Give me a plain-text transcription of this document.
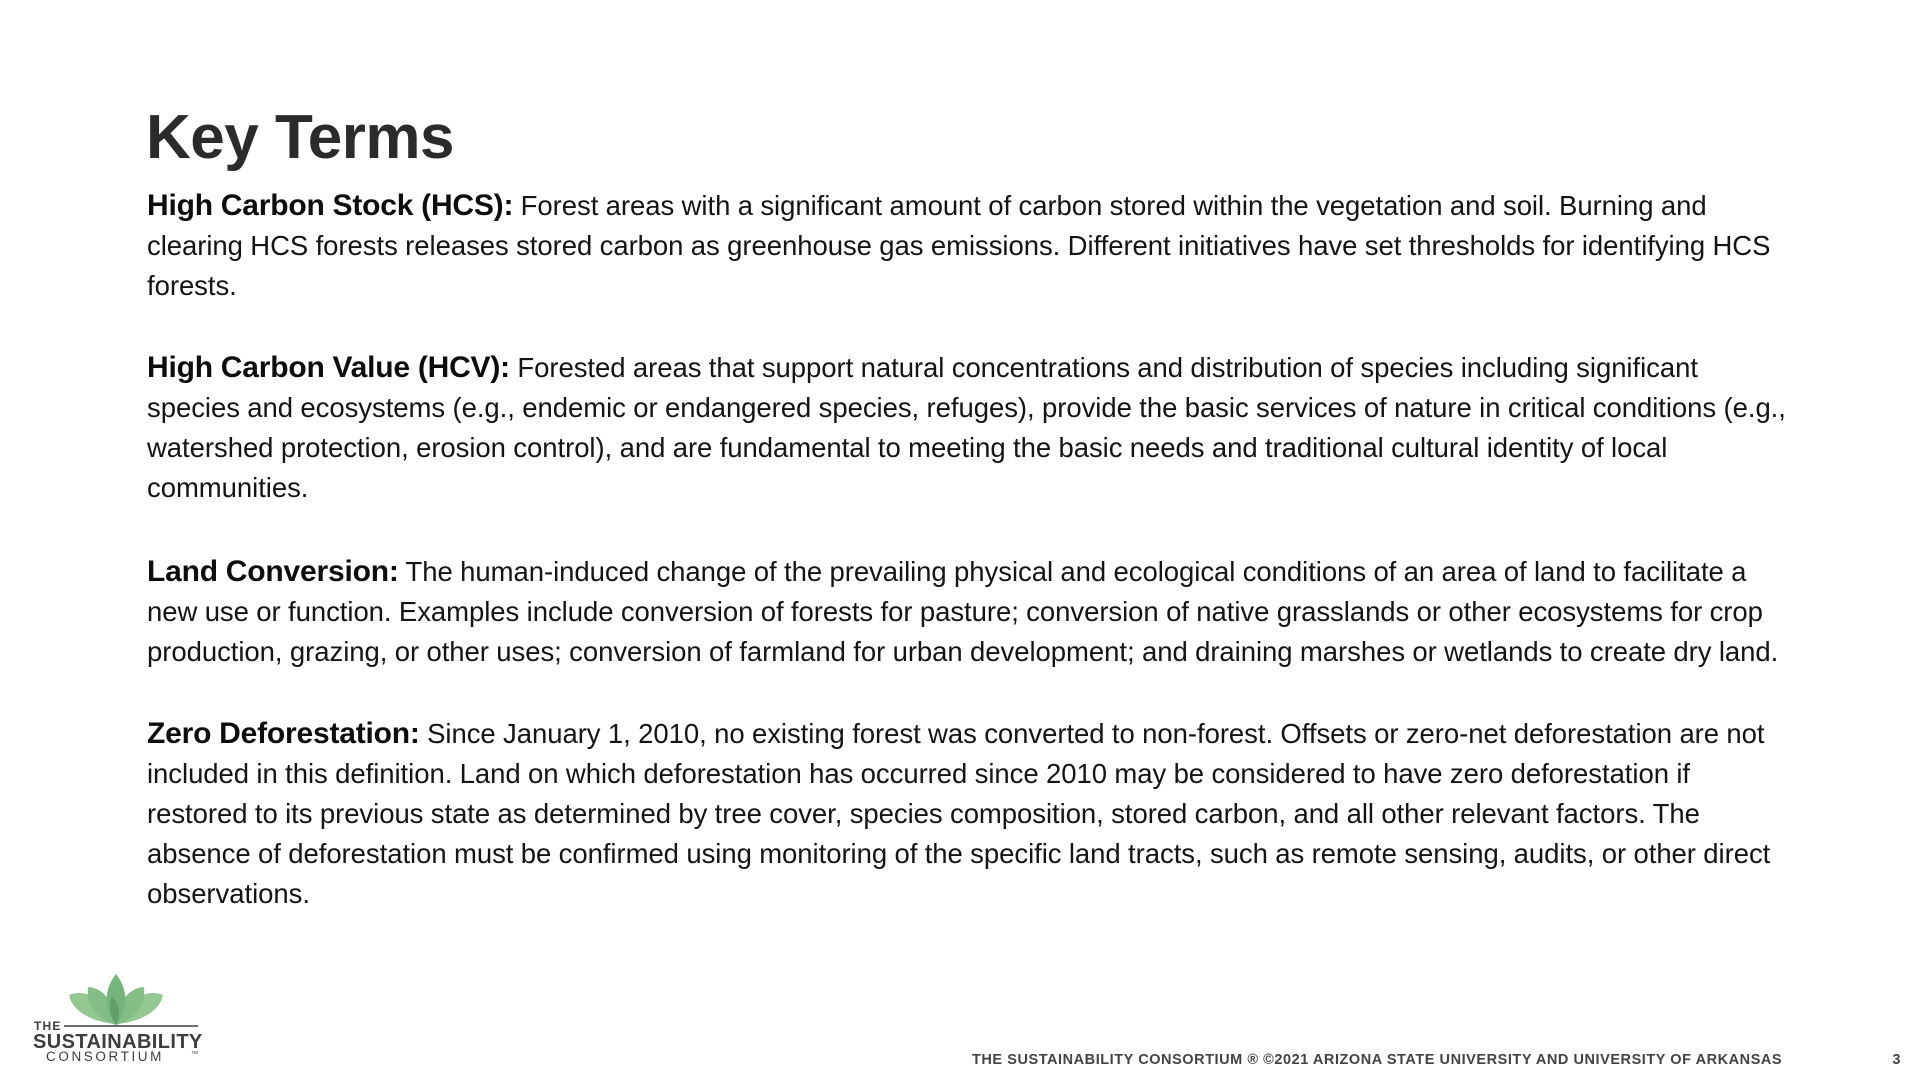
Key Terms

High Carbon Stock (HCS): Forest areas with a significant amount of carbon stored within the vegetation and soil. Burning and clearing HCS forests releases stored carbon as greenhouse gas emissions. Different initiatives have set thresholds for identifying HCS forests.

High Carbon Value (HCV): Forested areas that support natural concentrations and distribution of species including significant species and ecosystems (e.g., endemic or endangered species, refuges), provide the basic services of nature in critical conditions (e.g., watershed protection, erosion control), and are fundamental to meeting the basic needs and traditional cultural identity of local communities.

Land Conversion: The human-induced change of the prevailing physical and ecological conditions of an area of land to facilitate a new use or function. Examples include conversion of forests for pasture; conversion of native grasslands or other ecosystems for crop production, grazing, or other uses; conversion of farmland for urban development; and draining marshes or wetlands to create dry land.

Zero Deforestation: Since January 1, 2010, no existing forest was converted to non-forest. Offsets or zero-net deforestation are not included in this definition. Land on which deforestation has occurred since 2010 may be considered to have zero deforestation if restored to its previous state as determined by tree cover, species composition, stored carbon, and all other relevant factors. The absence of deforestation must be confirmed using monitoring of the specific land tracts, such as remote sensing, audits, or other direct observations.

THE
SUSTAINABILITY
CONSORTIUM	™	THE SUSTAINABILITY CONSORTIUM ® ©2021 ARIZONA STATE UNIVERSITY AND UNIVERSITY OF ARKANSAS	3
